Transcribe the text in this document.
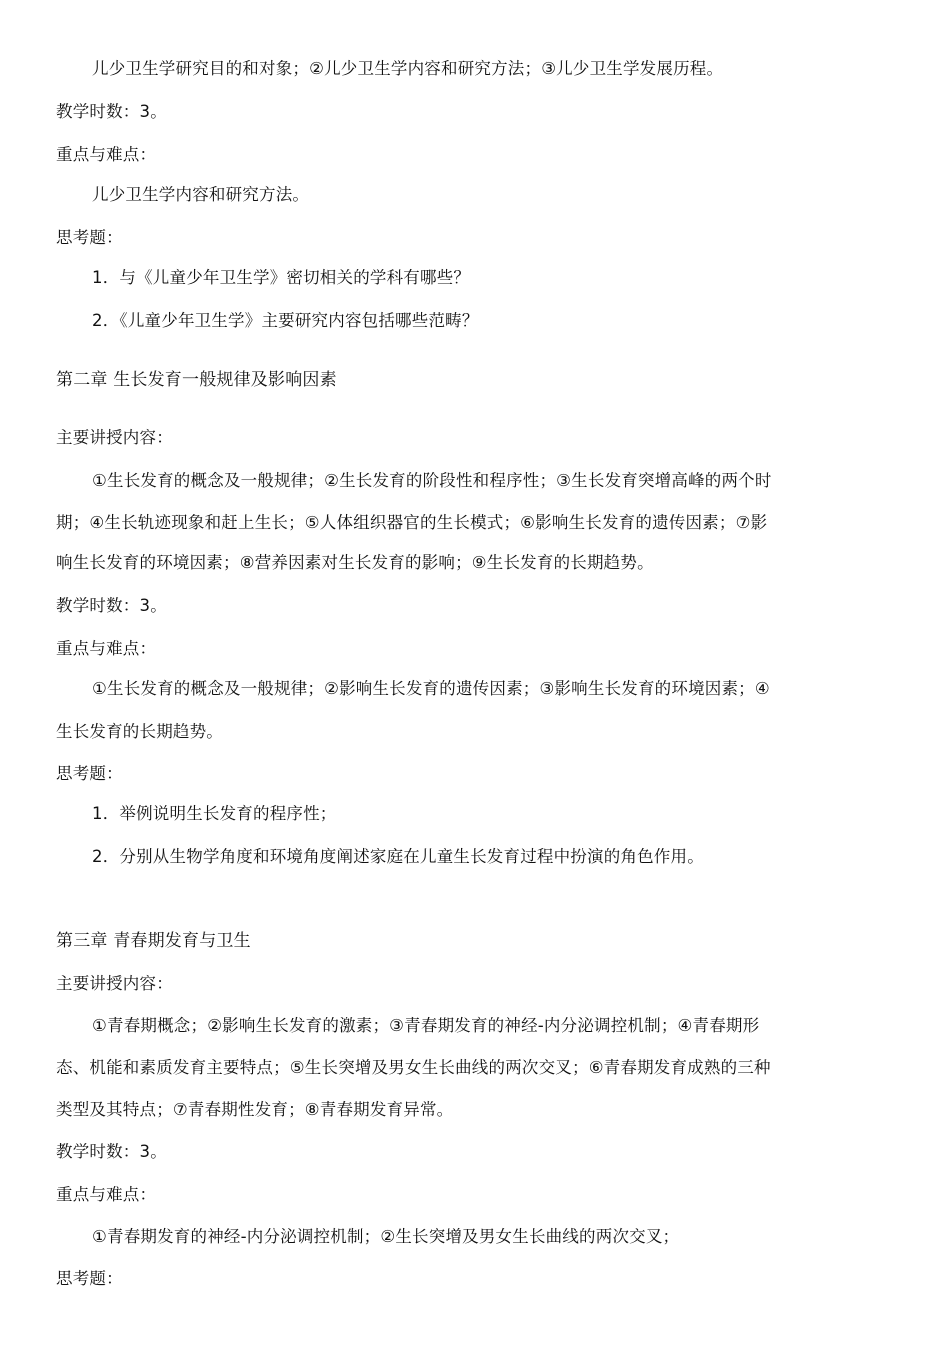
儿少卫生学研究目的和对象；②儿少卫生学内容和研究方法；③儿少卫生学发展历程。
教学时数：3。
重点与难点：
儿少卫生学内容和研究方法。
思考题：
1．与《儿童少年卫生学》密切相关的学科有哪些？
2．《儿童少年卫生学》主要研究内容包括哪些范畴？
第二章 生长发育一般规律及影响因素
主要讲授内容：
①生长发育的概念及一般规律；②生长发育的阶段性和程序性；③生长发育突增高峰的两个时
期；④生长轨迹现象和赶上生长；⑤人体组织器官的生长模式；⑥影响生长发育的遗传因素；⑦影
响生长发育的环境因素；⑧营养因素对生长发育的影响；⑨生长发育的长期趋势。
教学时数：3。
重点与难点：
①生长发育的概念及一般规律；②影响生长发育的遗传因素；③影响生长发育的环境因素；④
生长发育的长期趋势。
思考题：
1．举例说明生长发育的程序性；
2．分别从生物学角度和环境角度阐述家庭在儿童生长发育过程中扮演的角色作用。
第三章 青春期发育与卫生
主要讲授内容：
①青春期概念；②影响生长发育的激素；③青春期发育的神经-内分泌调控机制；④青春期形
态、机能和素质发育主要特点；⑤生长突增及男女生长曲线的两次交叉；⑥青春期发育成熟的三种
类型及其特点；⑦青春期性发育；⑧青春期发育异常。
教学时数：3。
重点与难点：
①青春期发育的神经-内分泌调控机制；②生长突增及男女生长曲线的两次交叉；
思考题：
